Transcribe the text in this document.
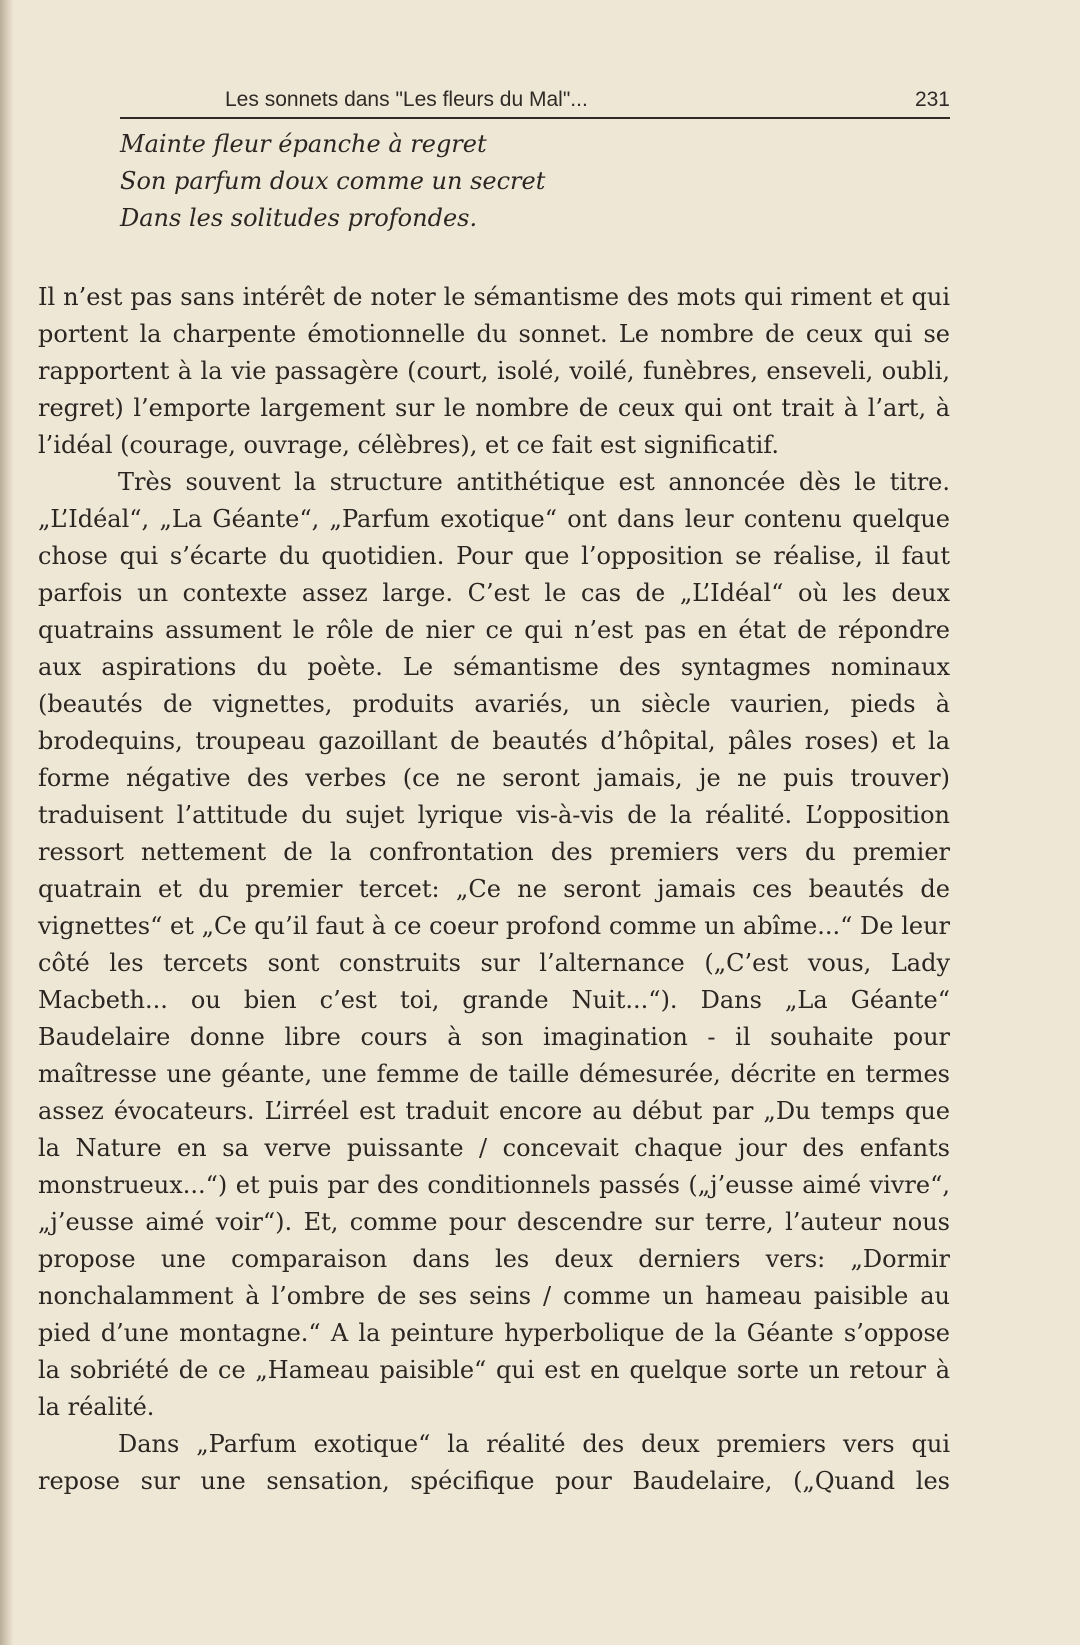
Les sonnets dans "Les fleurs du Mal"...	231
Mainte fleur épanche à regret
Son parfum doux comme un secret
Dans les solitudes profondes.

Il n’est pas sans intérêt de noter le sémantisme des mots qui riment et qui portent la charpente émotionnelle du sonnet. Le nombre de ceux qui se rapportent à la vie passagère (court, isolé, voilé, funèbres, enseveli, oubli, regret) l’emporte largement sur le nombre de ceux qui ont trait à l’art, à l’idéal (courage, ouvrage, célèbres), et ce fait est significatif.

Très souvent la structure antithétique est annoncée dès le titre. „L’Idéal“, „La Géante“, „Parfum exotique“ ont dans leur contenu quelque chose qui s’écarte du quotidien. Pour que l’opposition se réalise, il faut parfois un contexte assez large. C’est le cas de „L’Idéal“ où les deux quatrains assument le rôle de nier ce qui n’est pas en état de répondre aux aspirations du poète. Le sémantisme des syntagmes nominaux (beautés de vignettes, produits avariés, un siècle vaurien, pieds à brodequins, troupeau gazoillant de beautés d’hôpital, pâles roses) et la forme négative des verbes (ce ne seront jamais, je ne puis trouver) traduisent l’attitude du sujet lyrique vis-à-vis de la réalité. L’opposition ressort nettement de la confrontation des premiers vers du premier quatrain et du premier tercet: „Ce ne seront jamais ces beautés de vignettes“ et „Ce qu’il faut à ce coeur profond comme un abîme...“ De leur côté les tercets sont construits sur l’alternance („C’est vous, Lady Macbeth... ou bien c’est toi, grande Nuit...“). Dans „La Géante“ Baudelaire donne libre cours à son imagination - il souhaite pour maîtresse une géante, une femme de taille démesurée, décrite en termes assez évocateurs. L’irréel est traduit encore au début par „Du temps que la Nature en sa verve puissante / concevait chaque jour des enfants monstrueux...“) et puis par des conditionnels passés („j’eusse aimé vivre“, „j’eusse aimé voir“). Et, comme pour descendre sur terre, l’auteur nous propose une comparaison dans les deux derniers vers: „Dormir nonchalamment à l’ombre de ses seins / comme un hameau paisible au pied d’une montagne.“ A la peinture hyperbolique de la Géante s’oppose la sobriété de ce „Hameau paisible“ qui est en quelque sorte un retour à la réalité.

Dans „Parfum exotique“ la réalité des deux premiers vers qui repose sur une sensation, spécifique pour Baudelaire, („Quand les
